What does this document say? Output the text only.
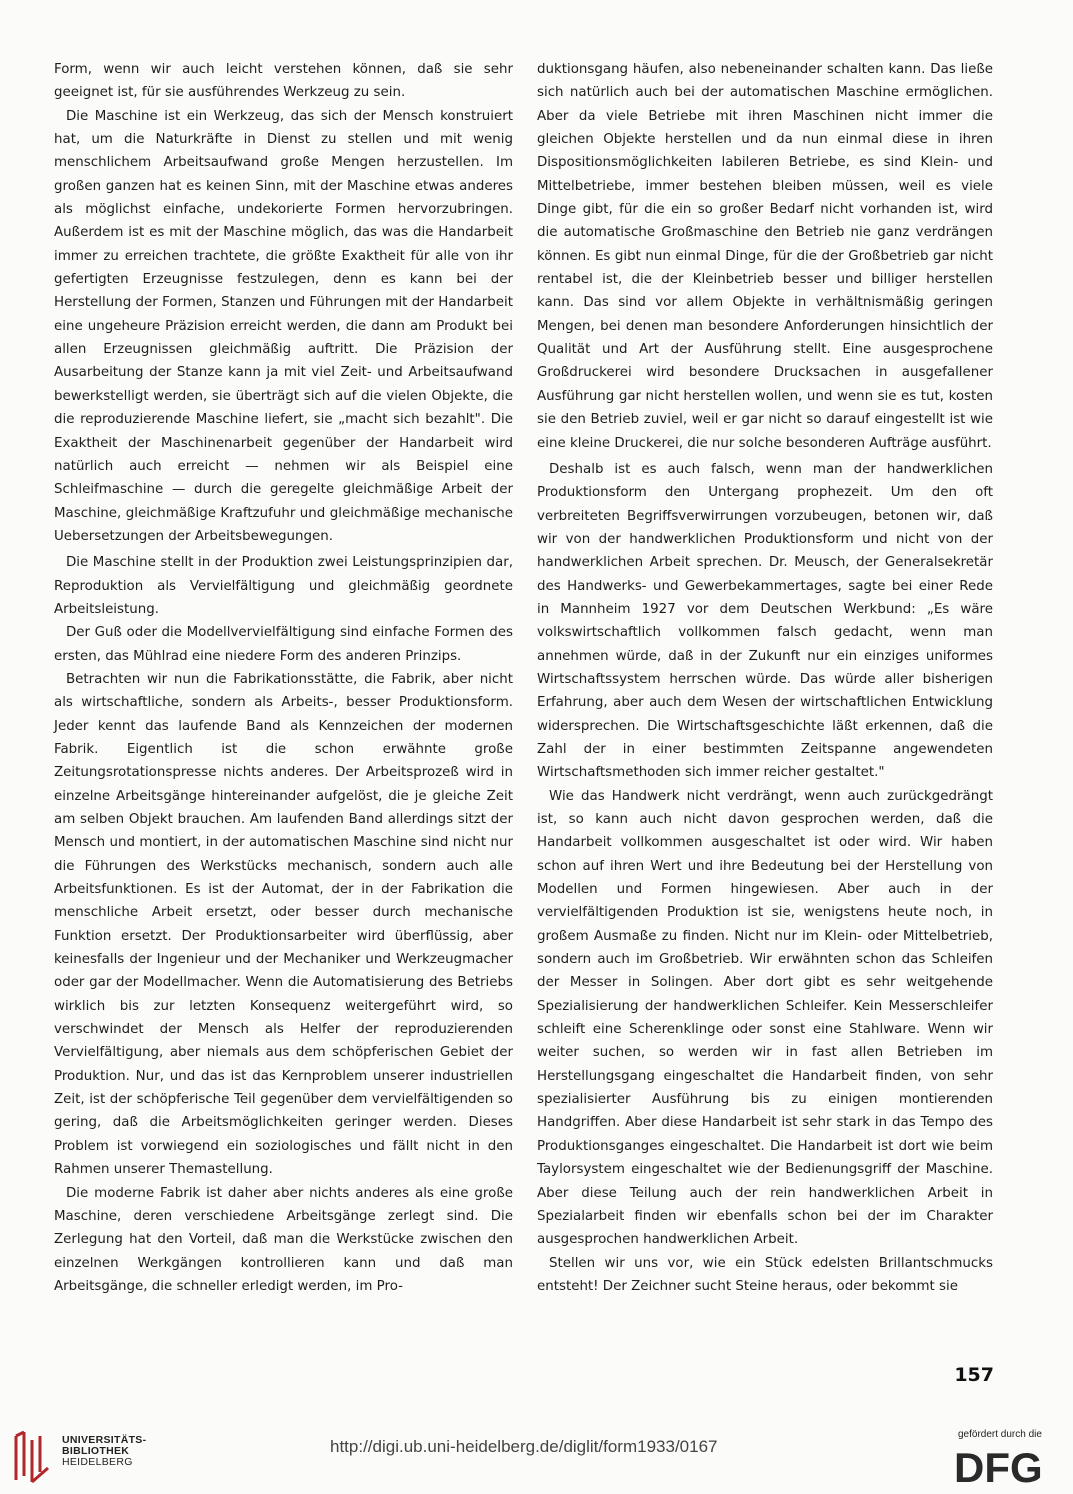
Form, wenn wir auch leicht verstehen können, daß sie sehr geeignet ist, für sie ausführendes Werkzeug zu sein.

Die Maschine ist ein Werkzeug, das sich der Mensch konstruiert hat, um die Naturkräfte in Dienst zu stellen und mit wenig menschlichem Arbeitsaufwand große Mengen herzustellen. Im großen ganzen hat es keinen Sinn, mit der Maschine etwas anderes als möglichst einfache, undekorierte Formen hervorzubringen. Außerdem ist es mit der Maschine möglich, das was die Handarbeit immer zu erreichen trachtete, die größte Exaktheit für alle von ihr gefertigten Erzeugnisse festzulegen, denn es kann bei der Herstellung der Formen, Stanzen und Führungen mit der Handarbeit eine ungeheure Präzision erreicht werden, die dann am Produkt bei allen Erzeugnissen gleichmäßig auftritt. Die Präzision der Ausarbeitung der Stanze kann ja mit viel Zeit- und Arbeitsaufwand bewerkstelligt werden, sie überträgt sich auf die vielen Objekte, die die reproduzierende Maschine liefert, sie „macht sich bezahlt". Die Exaktheit der Maschinenarbeit gegenüber der Handarbeit wird natürlich auch erreicht — nehmen wir als Beispiel eine Schleifmaschine — durch die geregelte gleichmäßige Arbeit der Maschine, gleichmäßige Kraftzufuhr und gleichmäßige mechanische Uebersetzungen der Arbeitsbewegungen.

Die Maschine stellt in der Produktion zwei Leistungsprinzipien dar, Reproduktion als Vervielfältigung und gleichmäßig geordnete Arbeitsleistung.

Der Guß oder die Modellvervielfältigung sind einfache Formen des ersten, das Mühlrad eine niedere Form des anderen Prinzips.

Betrachten wir nun die Fabrikationsstätte, die Fabrik, aber nicht als wirtschaftliche, sondern als Arbeits-, besser Produktionsform. Jeder kennt das laufende Band als Kennzeichen der modernen Fabrik. Eigentlich ist die schon erwähnte große Zeitungsrotationspresse nichts anderes. Der Arbeitsprozeß wird in einzelne Arbeitsgänge hintereinander aufgelöst, die je gleiche Zeit am selben Objekt brauchen. Am laufenden Band allerdings sitzt der Mensch und montiert, in der automatischen Maschine sind nicht nur die Führungen des Werkstücks mechanisch, sondern auch alle Arbeitsfunktionen. Es ist der Automat, der in der Fabrikation die menschliche Arbeit ersetzt, oder besser durch mechanische Funktion ersetzt. Der Produktionsarbeiter wird überflüssig, aber keinesfalls der Ingenieur und der Mechaniker und Werkzeugmacher oder gar der Modellmacher. Wenn die Automatisierung des Betriebs wirklich bis zur letzten Konsequenz weitergeführt wird, so verschwindet der Mensch als Helfer der reproduzierenden Vervielfältigung, aber niemals aus dem schöpferischen Gebiet der Produktion. Nur, und das ist das Kernproblem unserer industriellen Zeit, ist der schöpferische Teil gegenüber dem vervielfältigenden so gering, daß die Arbeitsmöglichkeiten geringer werden. Dieses Problem ist vorwiegend ein soziologisches und fällt nicht in den Rahmen unserer Themastellung.

Die moderne Fabrik ist daher aber nichts anderes als eine große Maschine, deren verschiedene Arbeitsgänge zerlegt sind. Die Zerlegung hat den Vorteil, daß man die Werkstücke zwischen den einzelnen Werkgängen kontrollieren kann und daß man Arbeitsgänge, die schneller erledigt werden, im Pro-

duktionsgang häufen, also nebeneinander schalten kann. Das ließe sich natürlich auch bei der automatischen Maschine ermöglichen. Aber da viele Betriebe mit ihren Maschinen nicht immer die gleichen Objekte herstellen und da nun einmal diese in ihren Dispositionsmöglichkeiten labileren Betriebe, es sind Klein- und Mittelbetriebe, immer bestehen bleiben müssen, weil es viele Dinge gibt, für die ein so großer Bedarf nicht vorhanden ist, wird die automatische Großmaschine den Betrieb nie ganz verdrängen können. Es gibt nun einmal Dinge, für die der Großbetrieb gar nicht rentabel ist, die der Kleinbetrieb besser und billiger herstellen kann. Das sind vor allem Objekte in verhältnismäßig geringen Mengen, bei denen man besondere Anforderungen hinsichtlich der Qualität und Art der Ausführung stellt. Eine ausgesprochene Großdruckerei wird besondere Drucksachen in ausgefallener Ausführung gar nicht herstellen wollen, und wenn sie es tut, kosten sie den Betrieb zuviel, weil er gar nicht so darauf eingestellt ist wie eine kleine Druckerei, die nur solche besonderen Aufträge ausführt.

Deshalb ist es auch falsch, wenn man der handwerklichen Produktionsform den Untergang prophezeit. Um den oft verbreiteten Begriffsverwirrungen vorzubeugen, betonen wir, daß wir von der handwerklichen Produktionsform und nicht von der handwerklichen Arbeit sprechen. Dr. Meusch, der Generalsekretär des Handwerks- und Gewerbekammertages, sagte bei einer Rede in Mannheim 1927 vor dem Deutschen Werkbund: „Es wäre volkswirtschaftlich vollkommen falsch gedacht, wenn man annehmen würde, daß in der Zukunft nur ein einziges uniformes Wirtschaftssystem herrschen würde. Das würde aller bisherigen Erfahrung, aber auch dem Wesen der wirtschaftlichen Entwicklung widersprechen. Die Wirtschaftsgeschichte läßt erkennen, daß die Zahl der in einer bestimmten Zeitspanne angewendeten Wirtschaftsmethoden sich immer reicher gestaltet."

Wie das Handwerk nicht verdrängt, wenn auch zurückgedrängt ist, so kann auch nicht davon gesprochen werden, daß die Handarbeit vollkommen ausgeschaltet ist oder wird. Wir haben schon auf ihren Wert und ihre Bedeutung bei der Herstellung von Modellen und Formen hingewiesen. Aber auch in der vervielfältigenden Produktion ist sie, wenigstens heute noch, in großem Ausmaße zu finden. Nicht nur im Klein- oder Mittelbetrieb, sondern auch im Großbetrieb. Wir erwähnten schon das Schleifen der Messer in Solingen. Aber dort gibt es sehr weitgehende Spezialisierung der handwerklichen Schleifer. Kein Messerschleifer schleift eine Scherenklinge oder sonst eine Stahlware. Wenn wir weiter suchen, so werden wir in fast allen Betrieben im Herstellungsgang eingeschaltet die Handarbeit finden, von sehr spezialisierter Ausführung bis zu einigen montierenden Handgriffen. Aber diese Handarbeit ist sehr stark in das Tempo des Produktionsganges eingeschaltet. Die Handarbeit ist dort wie beim Taylorsystem eingeschaltet wie der Bedienungsgriff der Maschine. Aber diese Teilung auch der rein handwerklichen Arbeit in Spezialarbeit finden wir ebenfalls schon bei der im Charakter ausgesprochen handwerklichen Arbeit.

Stellen wir uns vor, wie ein Stück edelsten Brillantschmucks entsteht! Der Zeichner sucht Steine heraus, oder bekommt sie

157
UNIVERSITÄTS-
BIBLIOTHEK
HEIDELBERG
http://digi.ub.uni-heidelberg.de/diglit/form1933/0167
gefördert durch die
DFG
